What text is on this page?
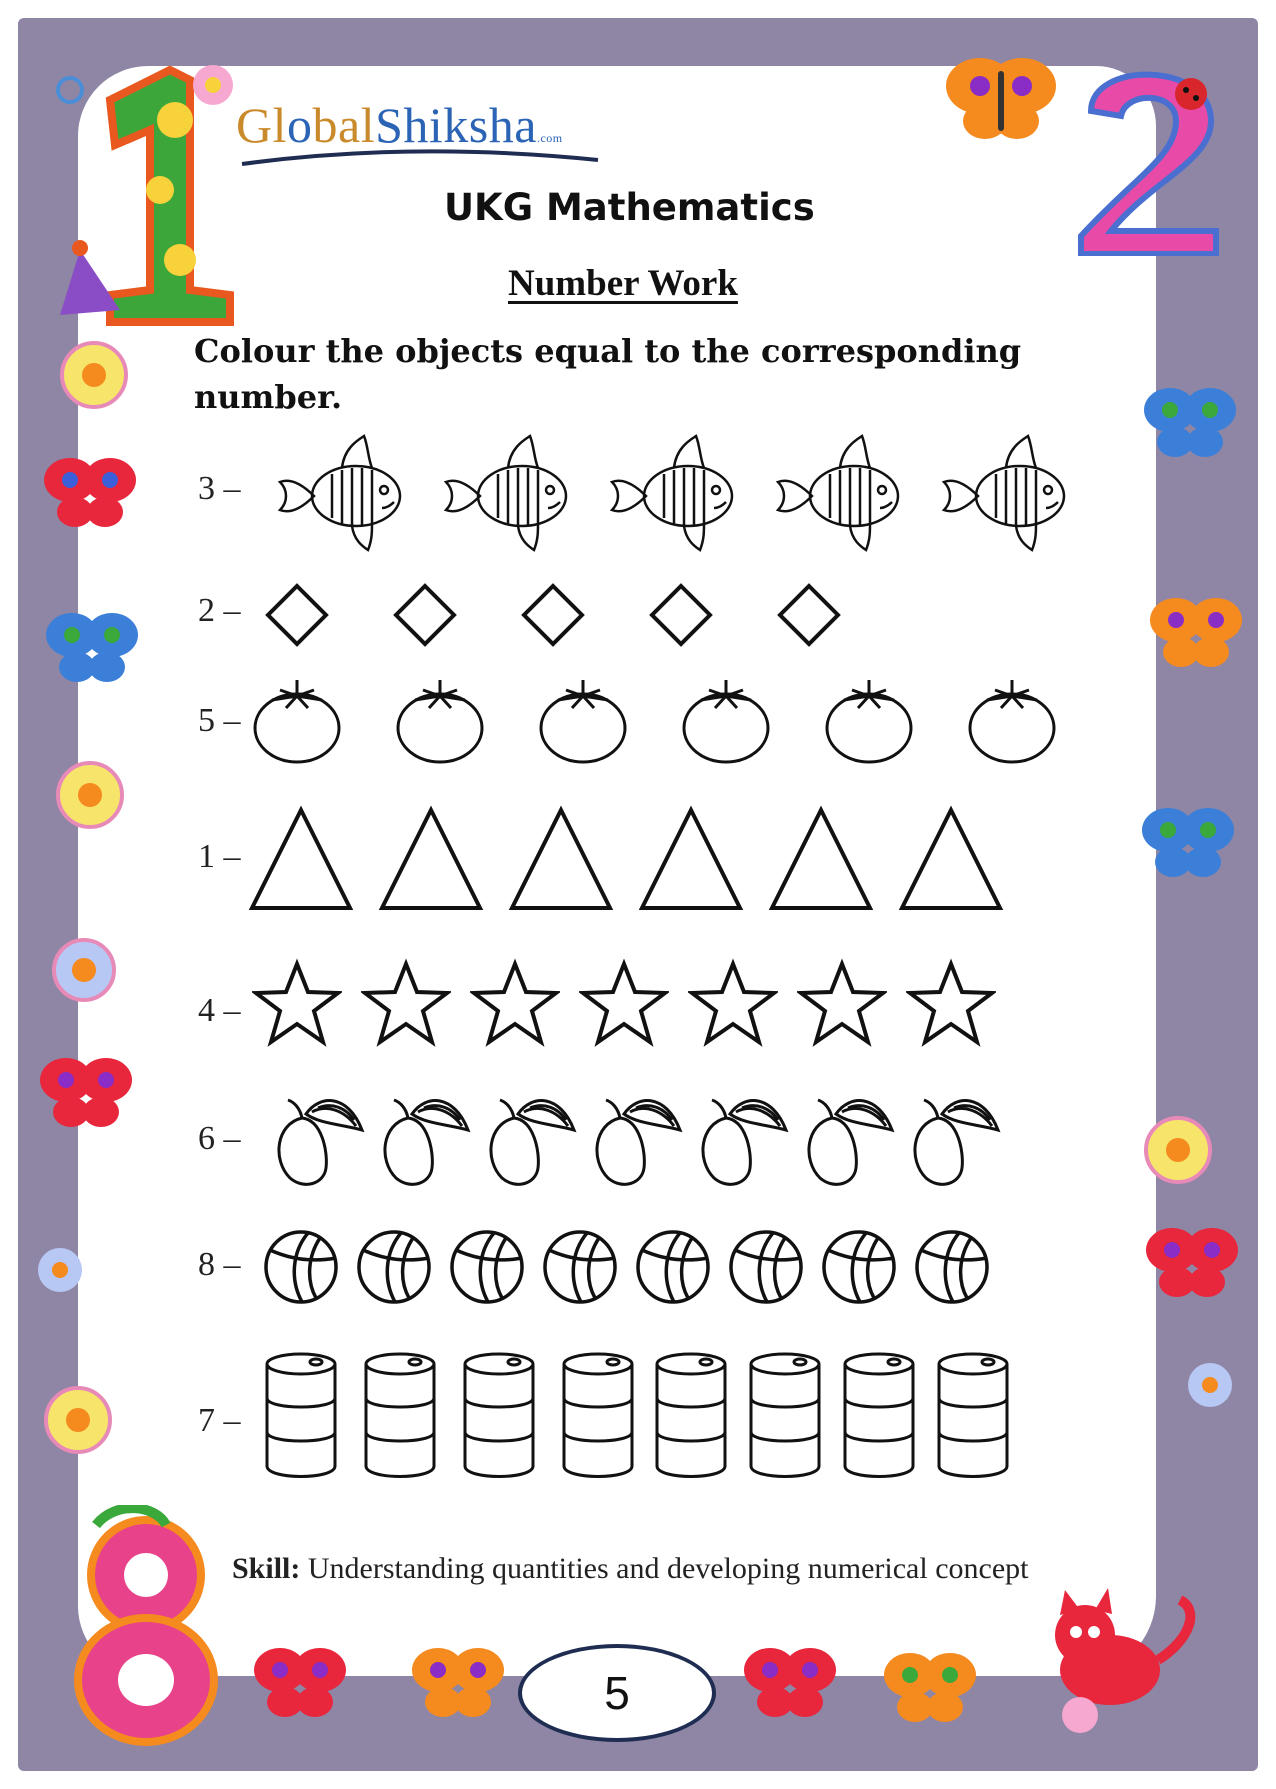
GlobalShiksha.com
UKG Mathematics
Number Work
Colour the objects equal to the corresponding number.
3 –
2 –
5 –
1 –
4 –
6 –
8 –
7 –
Skill: Understanding quantities and developing numerical concept
5
